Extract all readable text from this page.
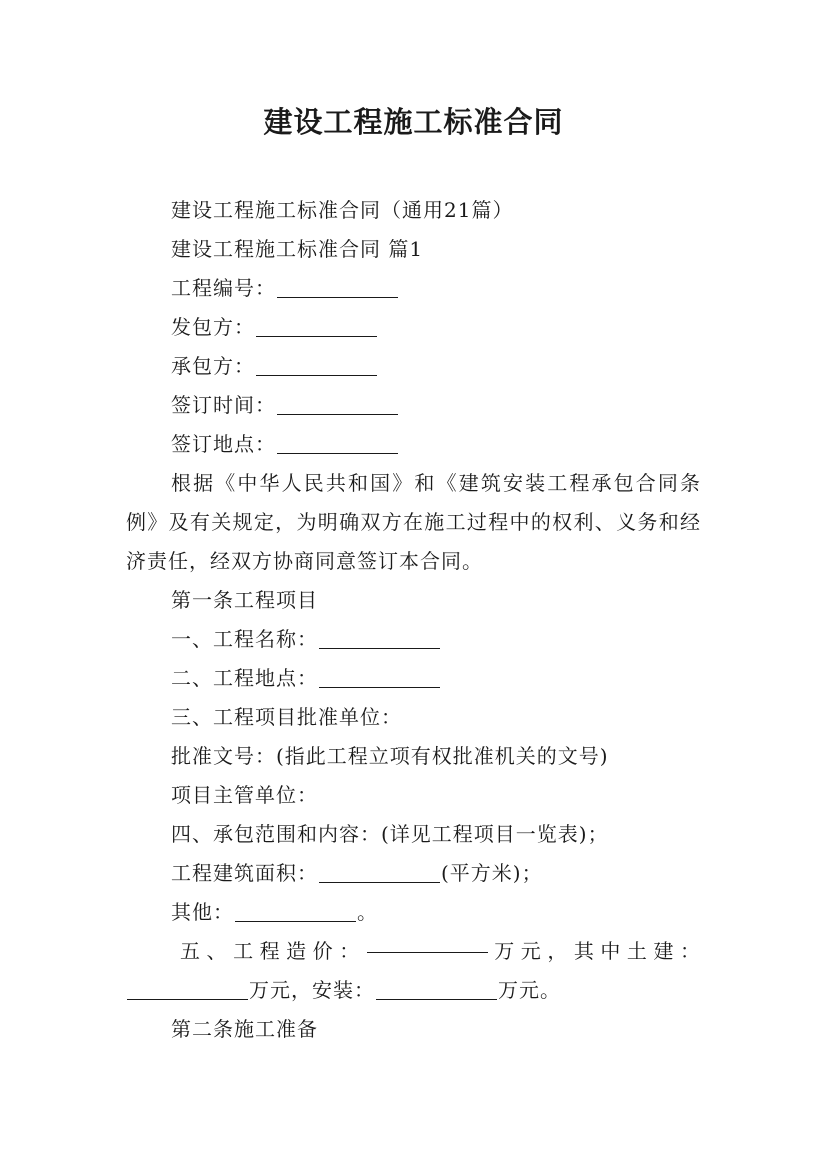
建设工程施工标准合同
建设工程施工标准合同（通用21篇）
建设工程施工标准合同 篇1
工程编号：
发包方：
承包方：
签订时间：
签订地点：
根据《中华人民共和国》和《建筑安装工程承包合同条例》及有关规定，为明确双方在施工过程中的权利、义务和经济责任，经双方协商同意签订本合同。
第一条工程项目
一、工程名称：
二、工程地点：
三、工程项目批准单位：
批准文号：(指此工程立项有权批准机关的文号)
项目主管单位：
四、承包范围和内容：(详见工程项目一览表)；
工程建筑面积：	(平方米)；
其他：	。
五 、 工 程 造 价 ：	万 元 ， 其 中 土 建 ：
万元，安装：	万元。
第二条施工准备
